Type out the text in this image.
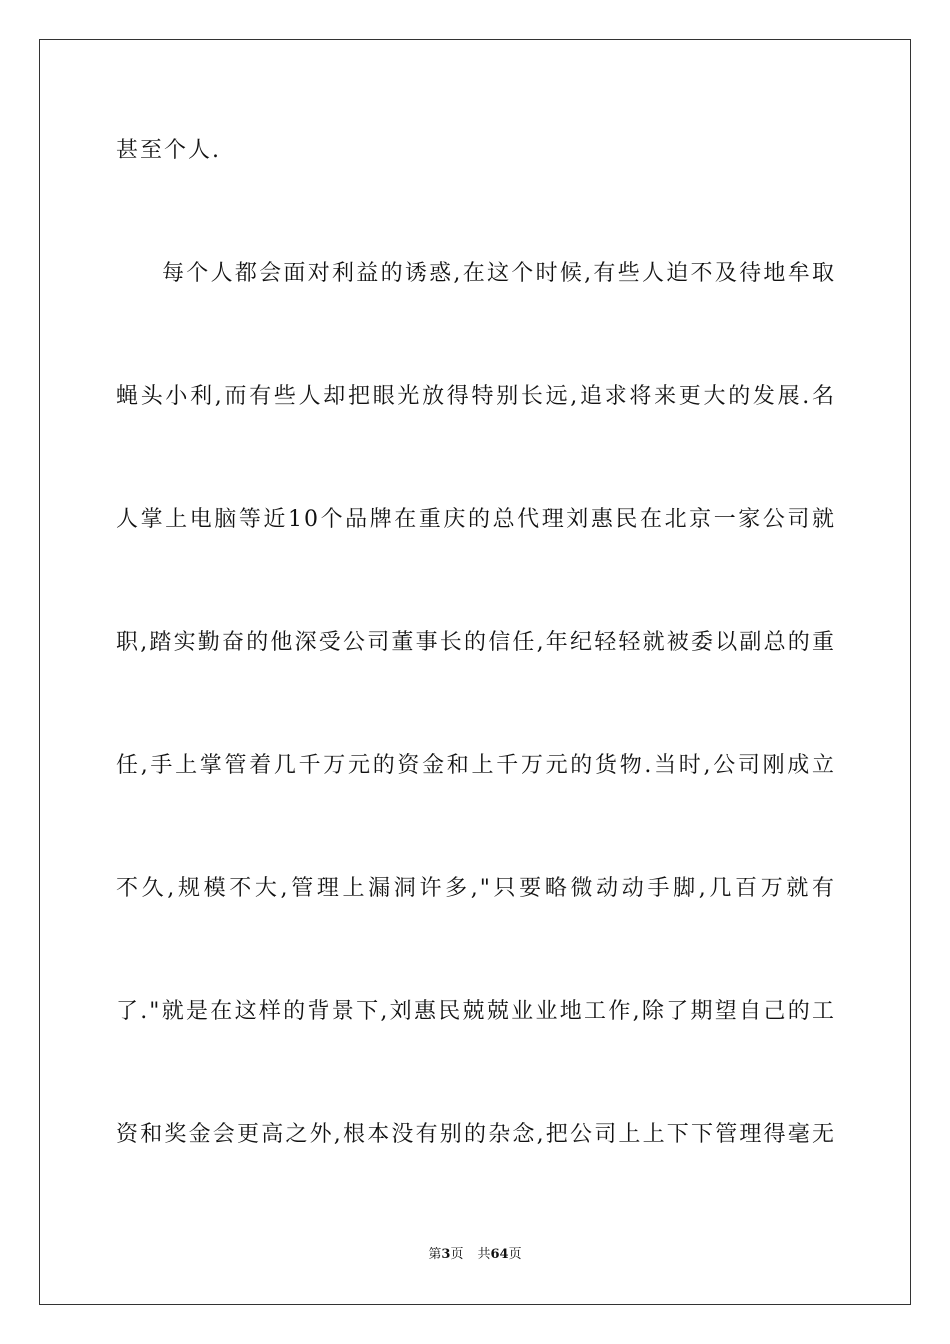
甚至个人.
每个人都会面对利益的诱惑,在这个时候,有些人迫不及待地牟取
蝇头小利,而有些人却把眼光放得特别长远,追求将来更大的发展.名
人掌上电脑等近10个品牌在重庆的总代理刘惠民在北京一家公司就
职,踏实勤奋的他深受公司董事长的信任,年纪轻轻就被委以副总的重
任,手上掌管着几千万元的资金和上千万元的货物.当时,公司刚成立
不久,规模不大,管理上漏洞许多,"只要略微动动手脚,几百万就有
了."就是在这样的背景下,刘惠民兢兢业业地工作,除了期望自己的工
资和奖金会更高之外,根本没有别的杂念,把公司上上下下管理得毫无
第3页 共64页
